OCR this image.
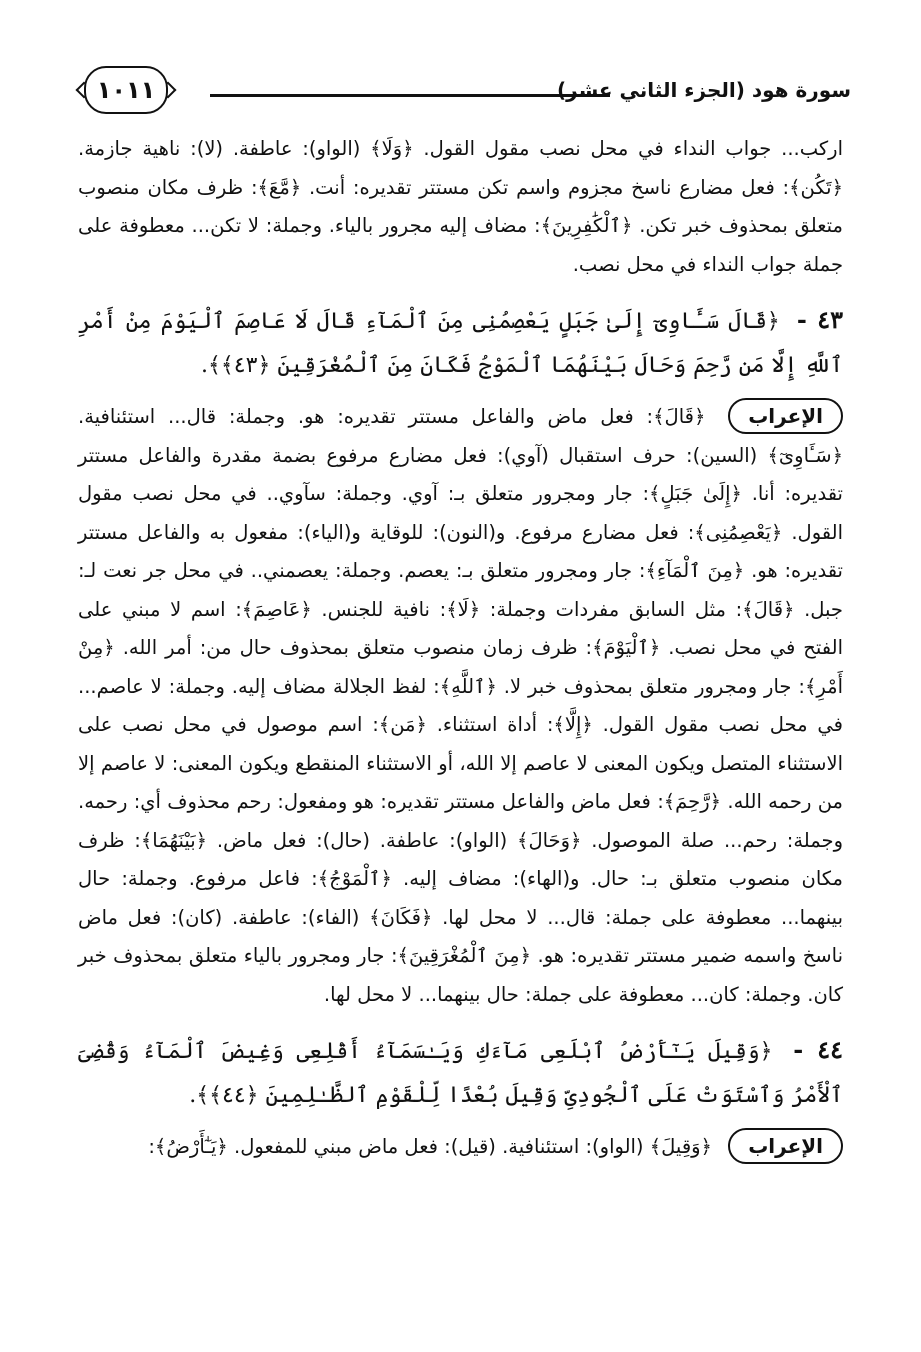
١٠١١	سورة هود (الجزء الثاني عشر)

اركب... جواب النداء في محل نصب مقول القول. ﴿وَلَا﴾ (الواو): عاطفة. (لا): ناهية جازمة. ﴿تَكُن﴾: فعل مضارع ناسخ مجزوم واسم تكن مستتر تقديره: أنت. ﴿مَّعَ﴾: ظرف مكان منصوب متعلق بمحذوف خبر تكن. ﴿ٱلْكَٰفِرِينَ﴾: مضاف إليه مجرور بالياء. وجملة: لا تكن... معطوفة على جملة جواب النداء في محل نصب.

٤٣ - ﴿قَالَ سَـَٔاوِىٓ إِلَىٰ جَبَلٍ يَعْصِمُنِى مِنَ ٱلْمَآءِ قَالَ لَا عَاصِمَ ٱلْيَوْمَ مِنْ أَمْرِ ٱللَّهِ إِلَّا مَن رَّحِمَ وَحَالَ بَيْنَهُمَا ٱلْمَوْجُ فَكَانَ مِنَ ٱلْمُغْرَقِينَ ﴿٤٣﴾﴾.

الإعراب ﴿قَالَ﴾: فعل ماض والفاعل مستتر تقديره: هو. وجملة: قال... استئنافية. ﴿سَـَٔاوِىٓ﴾ (السين): حرف استقبال (آوي): فعل مضارع مرفوع بضمة مقدرة والفاعل مستتر تقديره: أنا. ﴿إِلَىٰ جَبَلٍ﴾: جار ومجرور متعلق بـ: آوي. وجملة: سآوي.. في محل نصب مقول القول. ﴿يَعْصِمُنِى﴾: فعل مضارع مرفوع. و(النون): للوقاية و(الياء): مفعول به والفاعل مستتر تقديره: هو. ﴿مِنَ ٱلْمَآءِ﴾: جار ومجرور متعلق بـ: يعصم. وجملة: يعصمني.. في محل جر نعت لـ: جبل. ﴿قَالَ﴾: مثل السابق مفردات وجملة: ﴿لَا﴾: نافية للجنس. ﴿عَاصِمَ﴾: اسم لا مبني على الفتح في محل نصب. ﴿ٱلْيَوْمَ﴾: ظرف زمان منصوب متعلق بمحذوف حال من: أمر الله. ﴿مِنْ أَمْرِ﴾: جار ومجرور متعلق بمحذوف خبر لا. ﴿ٱللَّهِ﴾: لفظ الجلالة مضاف إليه. وجملة: لا عاصم... في محل نصب مقول القول. ﴿إِلَّا﴾: أداة استثناء. ﴿مَن﴾: اسم موصول في محل نصب على الاستثناء المتصل ويكون المعنى لا عاصم إلا الله، أو الاستثناء المنقطع ويكون المعنى: لا عاصم إلا من رحمه الله. ﴿رَّحِمَ﴾: فعل ماض والفاعل مستتر تقديره: هو ومفعول: رحم محذوف أي: رحمه. وجملة: رحم... صلة الموصول. ﴿وَحَالَ﴾ (الواو): عاطفة. (حال): فعل ماض. ﴿بَيْنَهُمَا﴾: ظرف مكان منصوب متعلق بـ: حال. و(الهاء): مضاف إليه. ﴿ٱلْمَوْجُ﴾: فاعل مرفوع. وجملة: حال بينهما... معطوفة على جملة: قال... لا محل لها. ﴿فَكَانَ﴾ (الفاء): عاطفة. (كان): فعل ماض ناسخ واسمه ضمير مستتر تقديره: هو. ﴿مِنَ ٱلْمُغْرَقِينَ﴾: جار ومجرور بالياء متعلق بمحذوف خبر كان. وجملة: كان... معطوفة على جملة: حال بينهما... لا محل لها.

٤٤ - ﴿وَقِيلَ يَـٰٓأَرْضُ ٱبْلَعِى مَآءَكِ وَيَـٰسَمَآءُ أَقْلِعِى وَغِيضَ ٱلْمَآءُ وَقُضِىَ ٱلْأَمْرُ وَٱسْتَوَتْ عَلَى ٱلْجُودِىِّ وَقِيلَ بُعْدًا لِّلْقَوْمِ ٱلظَّـٰلِمِينَ ﴿٤٤﴾﴾.

الإعراب ﴿وَقِيلَ﴾ (الواو): استئنافية. (قيل): فعل ماض مبني للمفعول. ﴿يَـٰٓأَرْضُ﴾:
